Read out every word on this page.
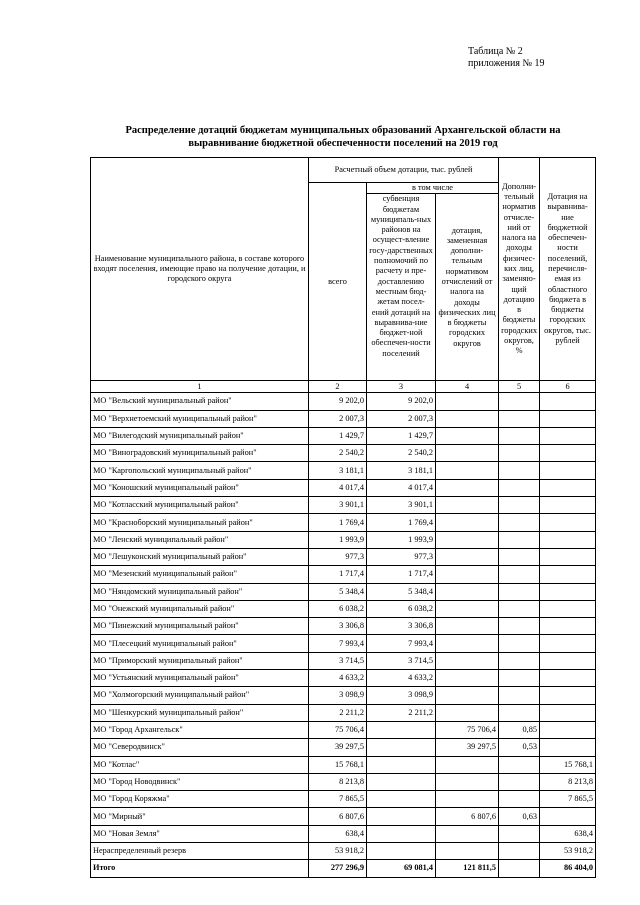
Таблица № 2
приложения № 19
Распределение дотаций бюджетам муниципальных образований Архангельской области на
выравнивание бюджетной обеспеченности поселений на 2019 год
Наименование муниципального района, в составе которого входят поселения, имеющие право на получение дотации, и городского округа	Расчетный объем дотации, тыс. рублей			Дополни-тельный норматив отчисле-ний от налога на доходы физичес-ких лиц, заменяю-щий дотацию в бюджеты городских округов, %	Дотация на выравнива-ние бюджетной обеспечен-ности поселений, перечисля-емая из областного бюджета в бюджеты городских округов, тыс. рублей
	всего	в том числе			
		субвенция бюджетам муниципаль-ных районов на осущест-вление госу-дарственных полномочий по расчету и пре-доставлению местным бюд-жетам посел-ений дотаций на выравнива-ние бюджет-ной обеспечен-ности поселений	дотация, замененная дополни-тельным нормативом отчислений от налога на доходы физических лиц в бюджеты городских округов		
1	2	3	4	5	6
МО "Вельский муниципальный район"	9 202,0	9 202,0			
МО "Верхнетоемский муниципальный район"	2 007,3	2 007,3			
МО "Вилегодский муниципальный район"	1 429,7	1 429,7			
МО "Виноградовский муниципальный район"	2 540,2	2 540,2			
МО "Каргопольский муниципальный район"	3 181,1	3 181,1			
МО "Коношский муниципальный район"	4 017,4	4 017,4			
МО "Котласский муниципальный район"	3 901,1	3 901,1			
МО "Красноборский муниципальный район"	1 769,4	1 769,4			
МО "Ленский муниципальный район"	1 993,9	1 993,9			
МО "Лешуконский муниципальный район"	977,3	977,3			
МО "Мезенский муниципальный район"	1 717,4	1 717,4			
МО "Няндомский муниципальный район"	5 348,4	5 348,4			
МО "Онежский муниципальный район"	6 038,2	6 038,2			
МО "Пинежский муниципальный район"	3 306,8	3 306,8			
МО "Плесецкий муниципальный район"	7 993,4	7 993,4			
МО "Приморский муниципальный район"	3 714,5	3 714,5			
МО "Устьянский муниципальный район"	4 633,2	4 633,2			
МО "Холмогорский муниципальный район"	3 098,9	3 098,9			
МО "Шенкурский муниципальный район"	2 211,2	2 211,2			
МО "Город Архангельск"	75 706,4		75 706,4	0,85	
МО "Северодвинск"	39 297,5		39 297,5	0,53	
МО "Котлас"	15 768,1				15 768,1
МО "Город Новодвинск"	8 213,8				8 213,8
МО "Город Коряжма"	7 865,5				7 865,5
МО "Мирный"	6 807,6		6 807,6	0,63	
МО "Новая Земля"	638,4				638,4
Нераспределенный резерв	53 918,2				53 918,2
Итого	277 296,9	69 081,4	121 811,5		86 404,0
